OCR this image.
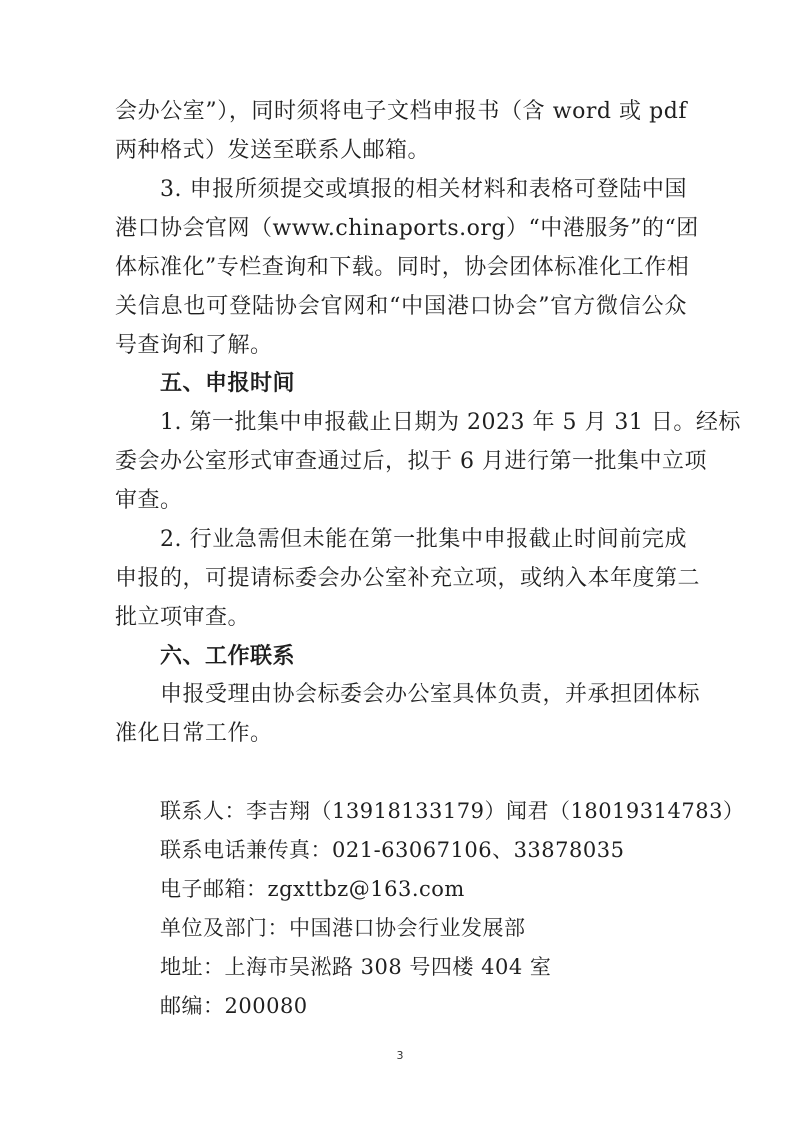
会办公室”），同时须将电子文档申报书（含 word 或 pdf
两种格式）发送至联系人邮箱。
3. 申报所须提交或填报的相关材料和表格可登陆中国
港口协会官网（www.chinaports.org）“中港服务”的“团
体标准化”专栏查询和下载。同时，协会团体标准化工作相
关信息也可登陆协会官网和“中国港口协会”官方微信公众
号查询和了解。
五、申报时间
1. 第一批集中申报截止日期为 2023 年 5 月 31 日。经标
委会办公室形式审查通过后，拟于 6 月进行第一批集中立项
审查。
2. 行业急需但未能在第一批集中申报截止时间前完成
申报的，可提请标委会办公室补充立项，或纳入本年度第二
批立项审查。
六、工作联系
申报受理由协会标委会办公室具体负责，并承担团体标
准化日常工作。
联系人：李吉翔（13918133179）闻君（18019314783）
联系电话兼传真：021-63067106、33878035
电子邮箱：zgxttbz@163.com
单位及部门：中国港口协会行业发展部
地址：上海市吴淞路 308 号四楼 404 室
邮编：200080
3
